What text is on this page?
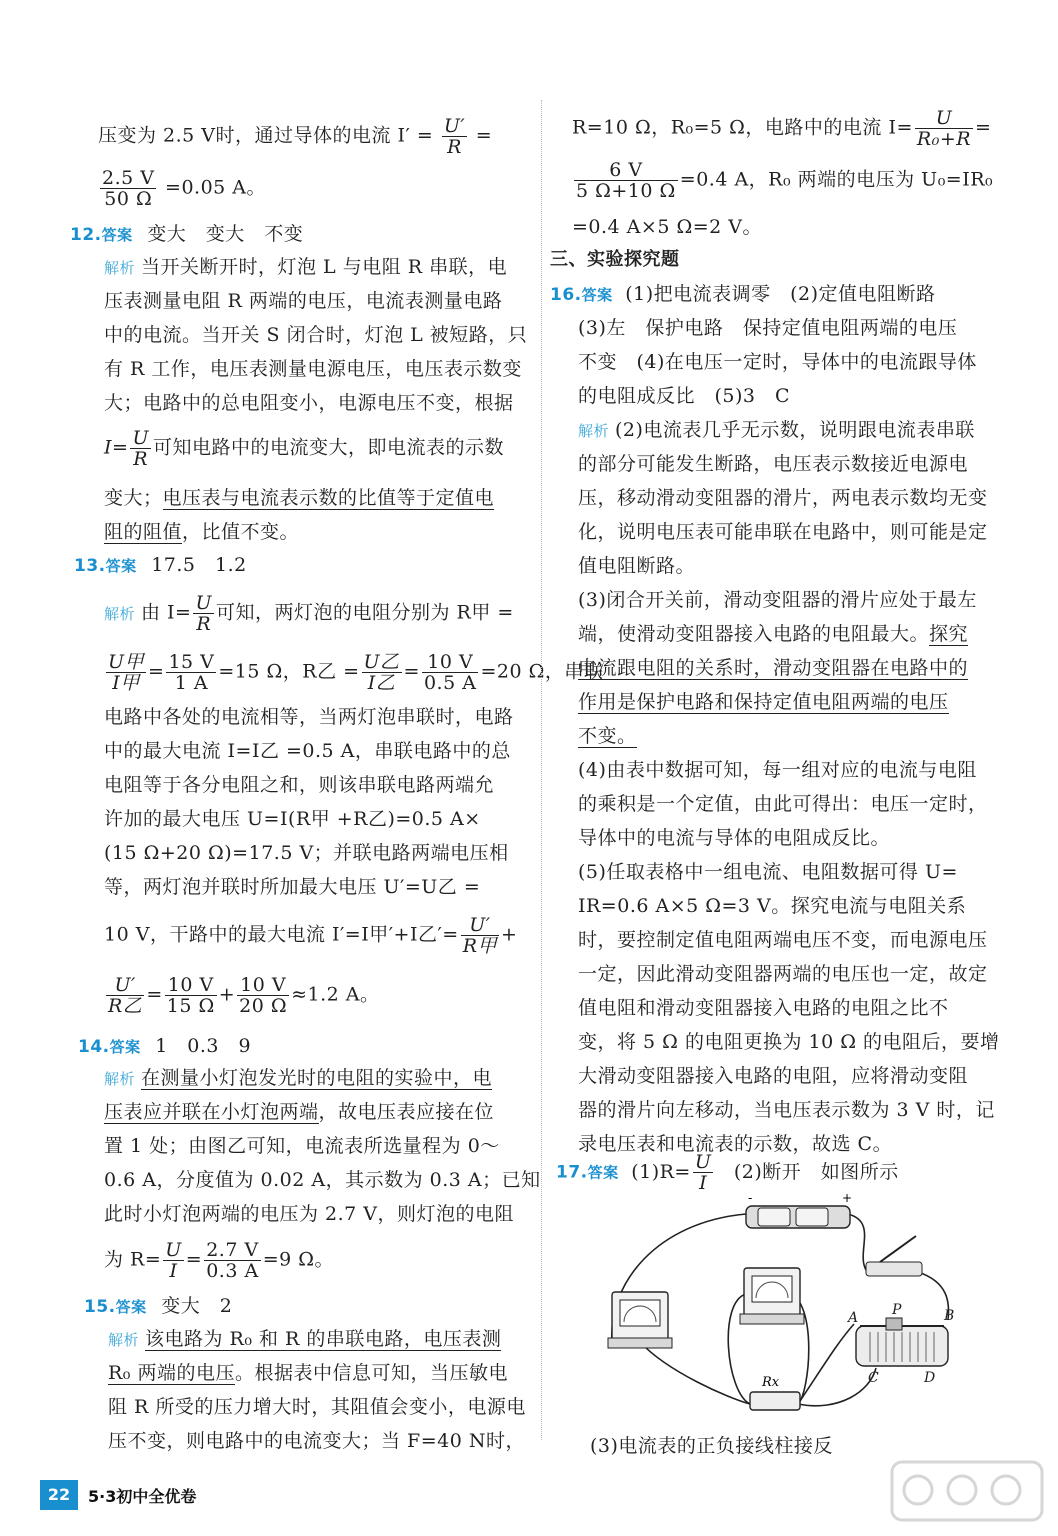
压变为 2.5 V时，通过导体的电流 $I' = \frac{U'}{R}$ =
$\frac{2.5 V}{50 \Omega} =0.05$ A。
12.答案 变大　变大　不变
解析 当开关断开时，灯泡 L 与电阻 R 串联，电
压表测量电阻 R 两端的电压，电流表测量电路
中的电流。当开关 S 闭合时，灯泡 L 被短路，只
有 R 工作，电压表测量电源电压，电压表示数变
大；电路中的总电阻变小，电源电压不变，根据
$I= \frac{U}{R}$ 可知电路中的电流变大，即电流表的示数
变大；电压表与电流表示数的比值等于定值电
阻的阻值，比值不变。
13.答案 17.5　1.2
解析 由 $I= \frac{U}{R}$ 可知，两灯泡的电阻分别为 R甲 =
$\frac{\text{U甲}}{\text{I甲}} = \frac{15 V}{1 A} =15$ Ω，R乙 = $\frac{\text{U乙}}{\text{I乙}} = \frac{10 V}{0.5 A} =20$ Ω，串联
电路中各处的电流相等，当两灯泡串联时，电路
中的最大电流 I=I乙 =0.5 A，串联电路中的总
电阻等于各分电阻之和，则该串联电路两端允
许加的最大电压 U=I(R甲 +R乙)=0.5 A×
(15 Ω+20 Ω)=17.5 V；并联电路两端电压相
等，两灯泡并联时所加最大电压 U′=U乙 =
10 V，干路中的最大电流 I′=I甲′+I乙′= $\frac{U'}{\text{R甲}}$ +
$\frac{U'}{\text{R乙}} = \frac{10 V}{15 \Omega} + \frac{10 V}{20 \Omega} \approx 1.2$ A。
14.答案 1　0.3　9
解析 在测量小灯泡发光时的电阻的实验中，电
压表应并联在小灯泡两端，故电压表应接在位
置 1 处；由图乙可知，电流表所选量程为 0～
0.6 A，分度值为 0.02 A，其示数为 0.3 A；已知
此时小灯泡两端的电压为 2.7 V，则灯泡的电阻
为 $R= \frac{U}{I} = \frac{2.7 V}{0.3 A} =9$ Ω。
15.答案 变大　2
解析 该电路为 R₀ 和 R 的串联电路，电压表测
R₀ 两端的电压。根据表中信息可知，当压敏电
阻 R 所受的压力增大时，其阻值会变小，电源电
压不变，则电路中的电流变大；当 F=40 N时，
R=10 Ω，R₀=5 Ω，电路中的电流 $I= \frac{U}{\text{R₀+R}}$ =
$\frac{6 V}{5 \Omega+10 \Omega} =0.4$ A，R₀ 两端的电压为 U₀=IR₀
=0.4 A×5 Ω=2 V。
三、实验探究题
16.答案 (1)把电流表调零　(2)定值电阻断路
(3)左　保护电路　保持定值电阻两端的电压
不变　(4)在电压一定时，导体中的电流跟导体
的电阻成反比　(5)3　C
解析 (2)电流表几乎无示数，说明跟电流表串联
的部分可能发生断路，电压表示数接近电源电
压，移动滑动变阻器的滑片，两电表示数均无变
化，说明电压表可能串联在电路中，则可能是定
值电阻断路。
(3)闭合开关前，滑动变阻器的滑片应处于最左
端，使滑动变阻器接入电路的电阻最大。探究
电流跟电阻的关系时，滑动变阻器在电路中的
作用是保护电路和保持定值电阻两端的电压
不变。
(4)由表中数据可知，每一组对应的电流与电阻
的乘积是一个定值，由此可得出：电压一定时，
导体中的电流与导体的电阻成反比。
(5)任取表格中一组电流、电阻数据可得 U=
IR=0.6 A×5 Ω=3 V。探究电流与电阻关系
时，要控制定值电阻两端电压不变，而电源电压
一定，因此滑动变阻器两端的电压也一定，故定
值电阻和滑动变阻器接入电路的电阻之比不
变，将 5 Ω 的电阻更换为 10 Ω 的电阻后，要增
大滑动变阻器接入电路的电阻，应将滑动变阻
器的滑片向左移动，当电压表示数为 3 V 时，记
录电压表和电流表的示数，故选 C。
17.答案 $(1)R= \frac{U}{I} (2)$断开　如图所示
-	+
Rx
A P	B
C	D
(3)电流表的正负接线柱接反
22	5·3初中全优卷
